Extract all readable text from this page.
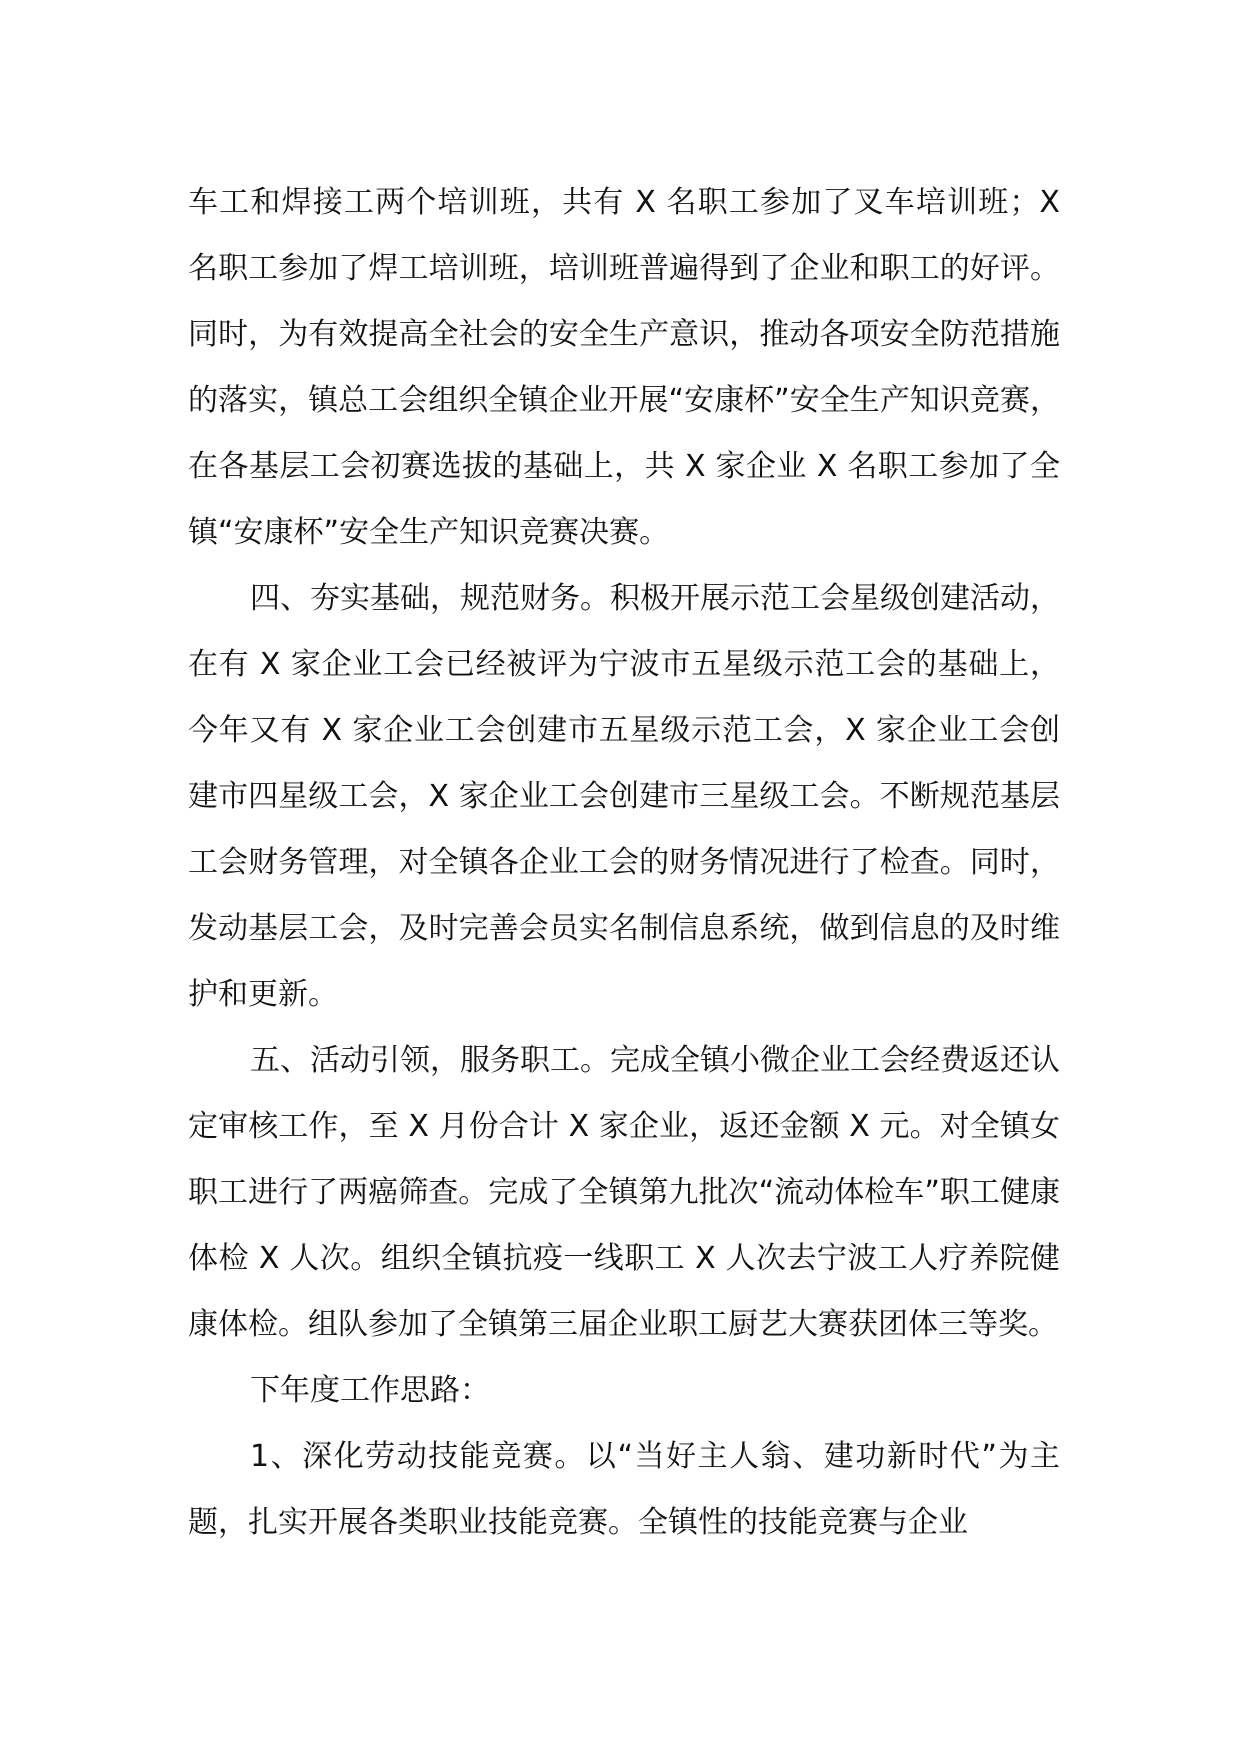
车工和焊接工两个培训班，共有 X 名职工参加了叉车培训班；X 名职工参加了焊工培训班，培训班普遍得到了企业和职工的好评。同时，为有效提高全社会的安全生产意识，推动各项安全防范措施的落实，镇总工会组织全镇企业开展“安康杯”安全生产知识竞赛，在各基层工会初赛选拔的基础上，共 X 家企业 X 名职工参加了全镇“安康杯”安全生产知识竞赛决赛。

四、夯实基础，规范财务。积极开展示范工会星级创建活动，在有 X 家企业工会已经被评为宁波市五星级示范工会的基础上，今年又有 X 家企业工会创建市五星级示范工会，X 家企业工会创建市四星级工会，X 家企业工会创建市三星级工会。不断规范基层工会财务管理，对全镇各企业工会的财务情况进行了检查。同时，发动基层工会，及时完善会员实名制信息系统，做到信息的及时维护和更新。

五、活动引领，服务职工。完成全镇小微企业工会经费返还认定审核工作，至 X 月份合计 X 家企业，返还金额 X 元。对全镇女职工进行了两癌筛查。完成了全镇第九批次“流动体检车”职工健康体检 X 人次。组织全镇抗疫一线职工 X 人次去宁波工人疗养院健康体检。组队参加了全镇第三届企业职工厨艺大赛获团体三等奖。

下年度工作思路：

1、深化劳动技能竞赛。以“当好主人翁、建功新时代”为主题，扎实开展各类职业技能竞赛。全镇性的技能竞赛与企业
